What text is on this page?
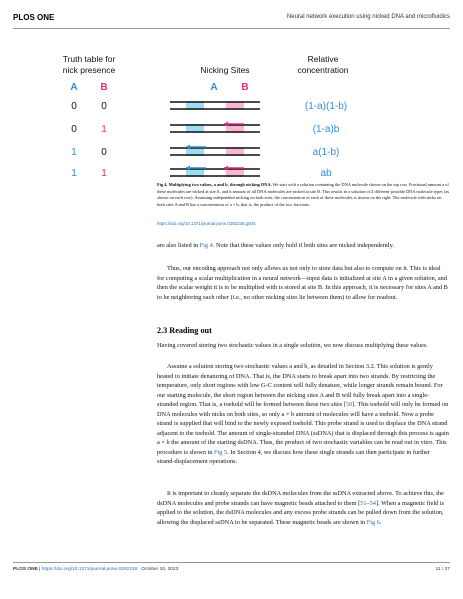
PLOS ONE	Neural network execution using nicked DNA and microfluidics
Truth table for
nick presence	Nicking Sites
Relative
concentration
A B	A B
0 0	(1-a)(1-b)
0 1	(1-a)b
1 0	a(1-b)
1 1	ab
Fig 4. Multiplying two values, a and b, through nicking DNA. We start with a solution containing the DNA molecule shown on the top row. Fractional amount a of these molecules are nicked at site A, and b amount of all DNA molecules are nicked at site B. This results in a solution of 4 different possible DNA molecule types (as shown on each row). Assuming independent nicking on both sites, the concentration of each of these molecules is shown on the right. The molecule with nicks on both sites A and B has a concentration of a × b, that is, the product of the two fractions.
https://doi.org/10.1371/journal.pone.0292228.g004

are also listed in Fig 4. Note that these values only hold if both sites are nicked independently.

Thus, our encoding approach not only allows us not only to store data but also to compute on it. This is ideal for computing a scalar multiplication in a neural network—input data is initialized at site A in a given solution, and then the scalar weight it is to be multiplied with is stored at site B. In this approach, it is necessary for sites A and B to be neighboring each other (i.e., no other nicking sites lie between them) to allow for readout.

2.3 Reading out

Having covered storing two stochastic values in a single solution, we now discuss multiplying these values.

Assume a solution storing two stochastic values a and b, as detailed in Section 3.2. This solution is gently heated to initiate denaturing of DNA. That is, the DNA starts to break apart into two strands. By restricting the temperature, only short regions with low G-C content will fully denature, while longer strands remain bound. For our starting molecule, the short region between the nicking sites A and B will fully break apart into a single-stranded region. That is, a toehold will be formed between these two sites [50]. This toehold will only be formed on DNA molecules with nicks on both sites, so only a × b amount of molecules will have a toehold. Now a probe strand is supplied that will bind to the newly exposed toehold. This probe strand is used to displace the DNA strand adjacent to the toehold. The amount of single-stranded DNA (ssDNA) that is displaced through this process is again a × b the amount of the starting dsDNA. Thus, the product of two stochastic variables can be read out in vitro. This procedure is shown in Fig 5. In Section 4, we discuss how these single strands can then participate in further strand-displacement operations.

It is important to cleanly separate the dsDNA molecules from the ssDNA extracted above. To achieve this, the dsDNA molecules and probe strands can have magnetic beads attached to them [51–54]. When a magnetic field is applied to the solution, the dsDNA molecules and any excess probe strands can be pulled down from the solution, allowing the displaced ssDNA to be separated. These magnetic beads are shown in Fig 6.

PLOS ONE | https://doi.org/10.1371/journal.pone.0292228 October 10, 2023	11 / 27
